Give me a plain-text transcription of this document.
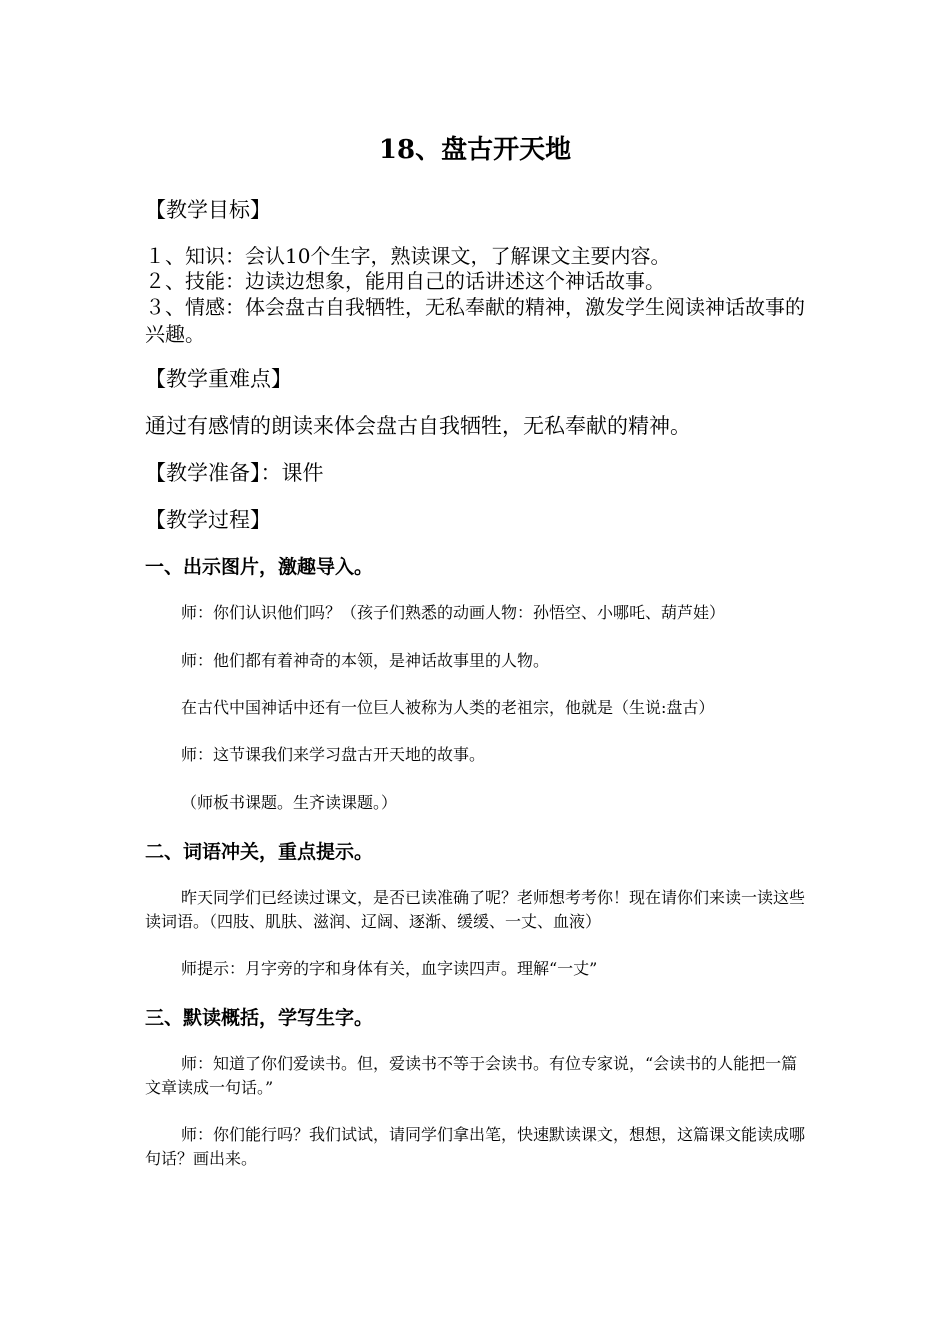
18、盘古开天地
【教学目标】
１、知识：会认10个生字，熟读课文，了解课文主要内容。
２、技能：边读边想象，能用自己的话讲述这个神话故事。
３、情感：体会盘古自我牺牲，无私奉献的精神，激发学生阅读神话故事的兴趣。
【教学重难点】
通过有感情的朗读来体会盘古自我牺牲，无私奉献的精神。
【教学准备】：课件
【教学过程】
一、出示图片，激趣导入。
师：你们认识他们吗？（孩子们熟悉的动画人物：孙悟空、小哪吒、葫芦娃）
师：他们都有着神奇的本领，是神话故事里的人物。
在古代中国神话中还有一位巨人被称为人类的老祖宗，他就是（生说:盘古）
师：这节课我们来学习盘古开天地的故事。
（师板书课题。生齐读课题。）
二、词语冲关，重点提示。
昨天同学们已经读过课文，是否已读准确了呢？老师想考考你！现在请你们来读一读这些读词语。（四肢、肌肤、滋润、辽阔、逐渐、缓缓、一丈、血液）
师提示：月字旁的字和身体有关，血字读四声。理解“一丈”
三、默读概括，学写生字。
师：知道了你们爱读书。但，爱读书不等于会读书。有位专家说，“会读书的人能把一篇文章读成一句话。”
师：你们能行吗？我们试试，请同学们拿出笔，快速默读课文，想想，这篇课文能读成哪句话？画出来。
